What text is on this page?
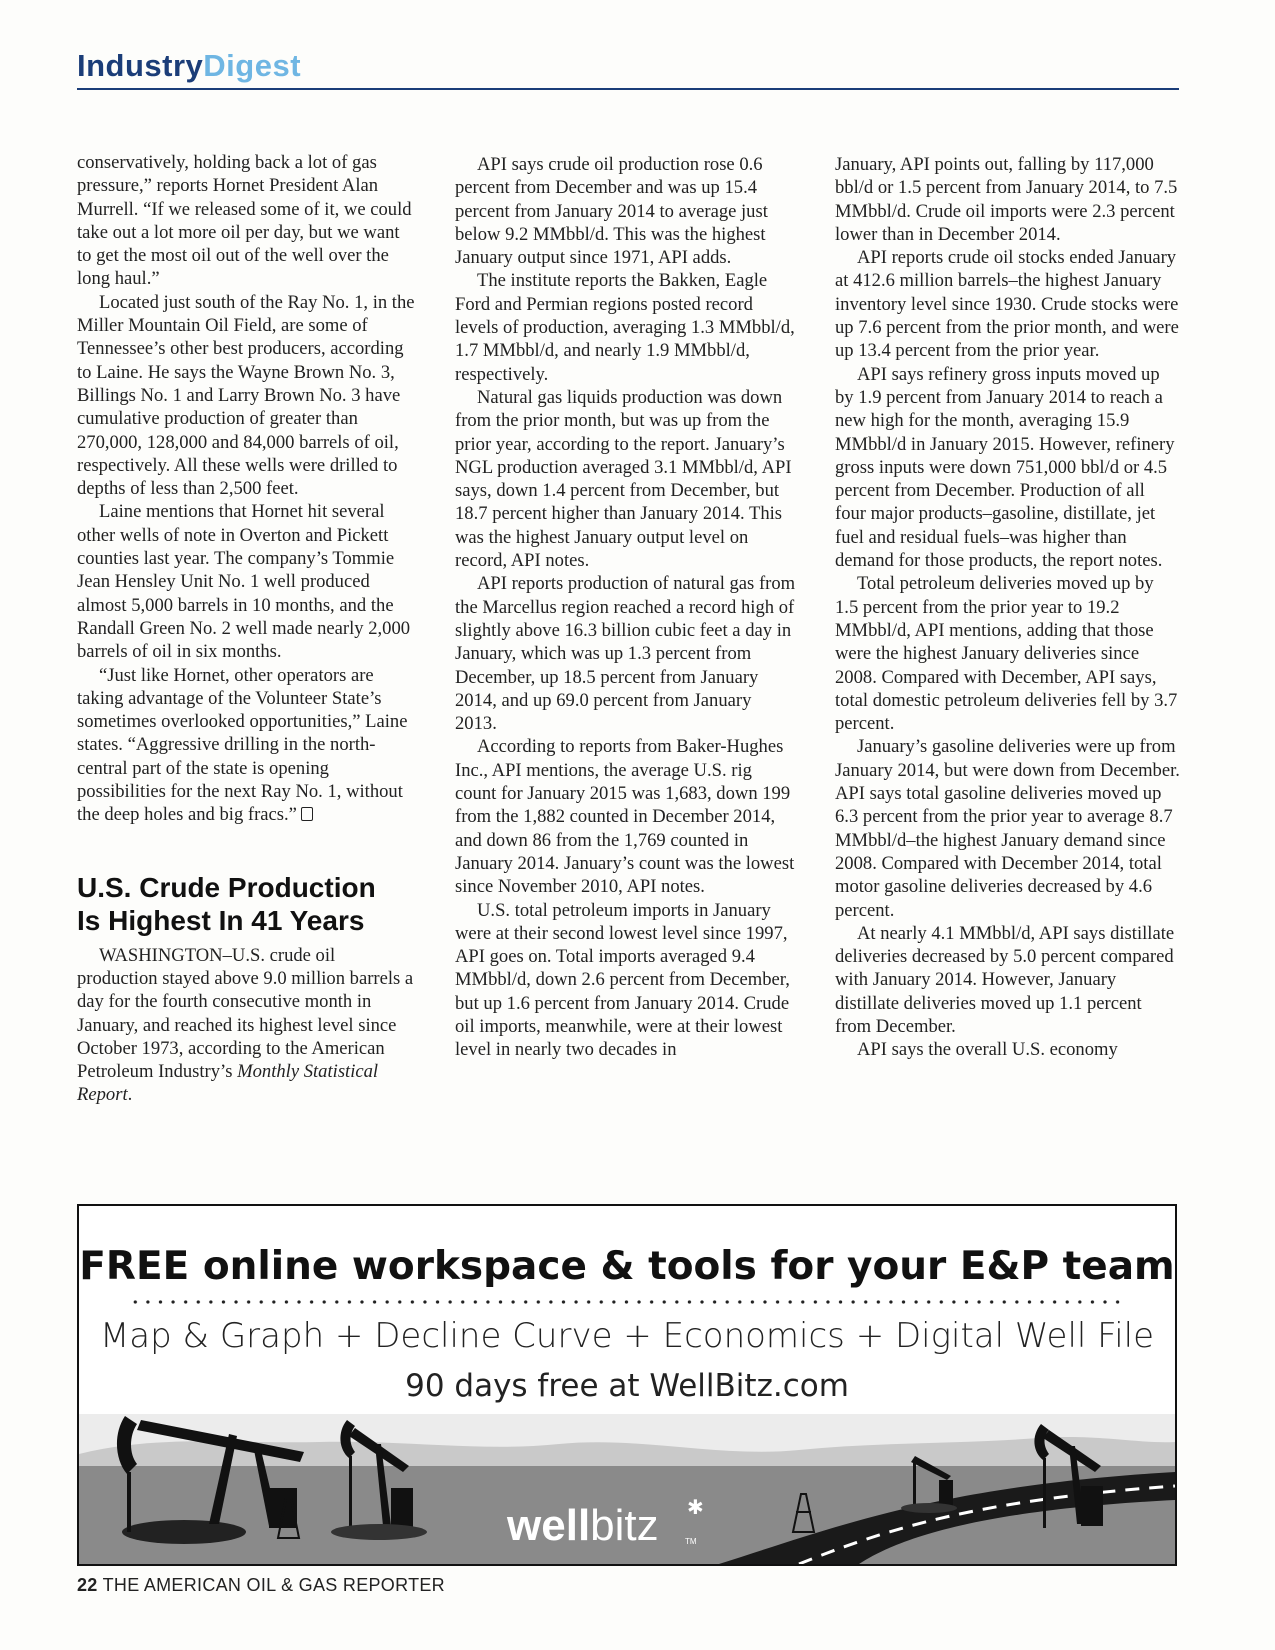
IndustryDigest

conservatively, holding back a lot of gas pressure,” reports Hornet President Alan Murrell. “If we released some of it, we could take out a lot more oil per day, but we want to get the most oil out of the well over the long haul.”

Located just south of the Ray No. 1, in the Miller Mountain Oil Field, are some of Tennessee’s other best producers, according to Laine. He says the Wayne Brown No. 3, Billings No. 1 and Larry Brown No. 3 have cumulative production of greater than 270,000, 128,000 and 84,000 barrels of oil, respectively. All these wells were drilled to depths of less than 2,500 feet.

Laine mentions that Hornet hit several other wells of note in Overton and Pickett counties last year. The company’s Tommie Jean Hensley Unit No. 1 well produced almost 5,000 barrels in 10 months, and the Randall Green No. 2 well made nearly 2,000 barrels of oil in six months.

“Just like Hornet, other operators are taking advantage of the Volunteer State’s sometimes overlooked opportunities,” Laine states. “Aggressive drilling in the north-central part of the state is opening possibilities for the next Ray No. 1, without the deep holes and big fracs.”

U.S. Crude Production
Is Highest In 41 Years

WASHINGTON–U.S. crude oil production stayed above 9.0 million barrels a day for the fourth consecutive month in January, and reached its highest level since October 1973, according to the American Petroleum Industry’s Monthly Statistical Report.

API says crude oil production rose 0.6 percent from December and was up 15.4 percent from January 2014 to average just below 9.2 MMbbl/d. This was the highest January output since 1971, API adds.

The institute reports the Bakken, Eagle Ford and Permian regions posted record levels of production, averaging 1.3 MMbbl/d, 1.7 MMbbl/d, and nearly 1.9 MMbbl/d, respectively.

Natural gas liquids production was down from the prior month, but was up from the prior year, according to the report. January’s NGL production averaged 3.1 MMbbl/d, API says, down 1.4 percent from December, but 18.7 percent higher than January 2014. This was the highest January output level on record, API notes.

API reports production of natural gas from the Marcellus region reached a record high of slightly above 16.3 billion cubic feet a day in January, which was up 1.3 percent from December, up 18.5 percent from January 2014, and up 69.0 percent from January 2013.

According to reports from Baker-Hughes Inc., API mentions, the average U.S. rig count for January 2015 was 1,683, down 199 from the 1,882 counted in December 2014, and down 86 from the 1,769 counted in January 2014. January’s count was the lowest since November 2010, API notes.

U.S. total petroleum imports in January were at their second lowest level since 1997, API goes on. Total imports averaged 9.4 MMbbl/d, down 2.6 percent from December, but up 1.6 percent from January 2014. Crude oil imports, meanwhile, were at their lowest level in nearly two decades in

January, API points out, falling by 117,000 bbl/d or 1.5 percent from January 2014, to 7.5 MMbbl/d. Crude oil imports were 2.3 percent lower than in December 2014.

API reports crude oil stocks ended January at 412.6 million barrels–the highest January inventory level since 1930. Crude stocks were up 7.6 percent from the prior month, and were up 13.4 percent from the prior year.

API says refinery gross inputs moved up by 1.9 percent from January 2014 to reach a new high for the month, averaging 15.9 MMbbl/d in January 2015. However, refinery gross inputs were down 751,000 bbl/d or 4.5 percent from December. Production of all four major products–gasoline, distillate, jet fuel and residual fuels–was higher than demand for those products, the report notes.

Total petroleum deliveries moved up by 1.5 percent from the prior year to 19.2 MMbbl/d, API mentions, adding that those were the highest January deliveries since 2008. Compared with December, API says, total domestic petroleum deliveries fell by 3.7 percent.

January’s gasoline deliveries were up from January 2014, but were down from December. API says total gasoline deliveries moved up 6.3 percent from the prior year to average 8.7 MMbbl/d–the highest January demand since 2008. Compared with December 2014, total motor gasoline deliveries decreased by 4.6 percent.

At nearly 4.1 MMbbl/d, API says distillate deliveries decreased by 5.0 percent compared with January 2014. However, January distillate deliveries moved up 1.1 percent from December.

API says the overall U.S. economy

FREE online workspace & tools for your E&P team
Map & Graph + Decline Curve + Economics + Digital Well File
90 days free at WellBitz.com
wellbitz ✱
TM
22 THE AMERICAN OIL & GAS REPORTER
